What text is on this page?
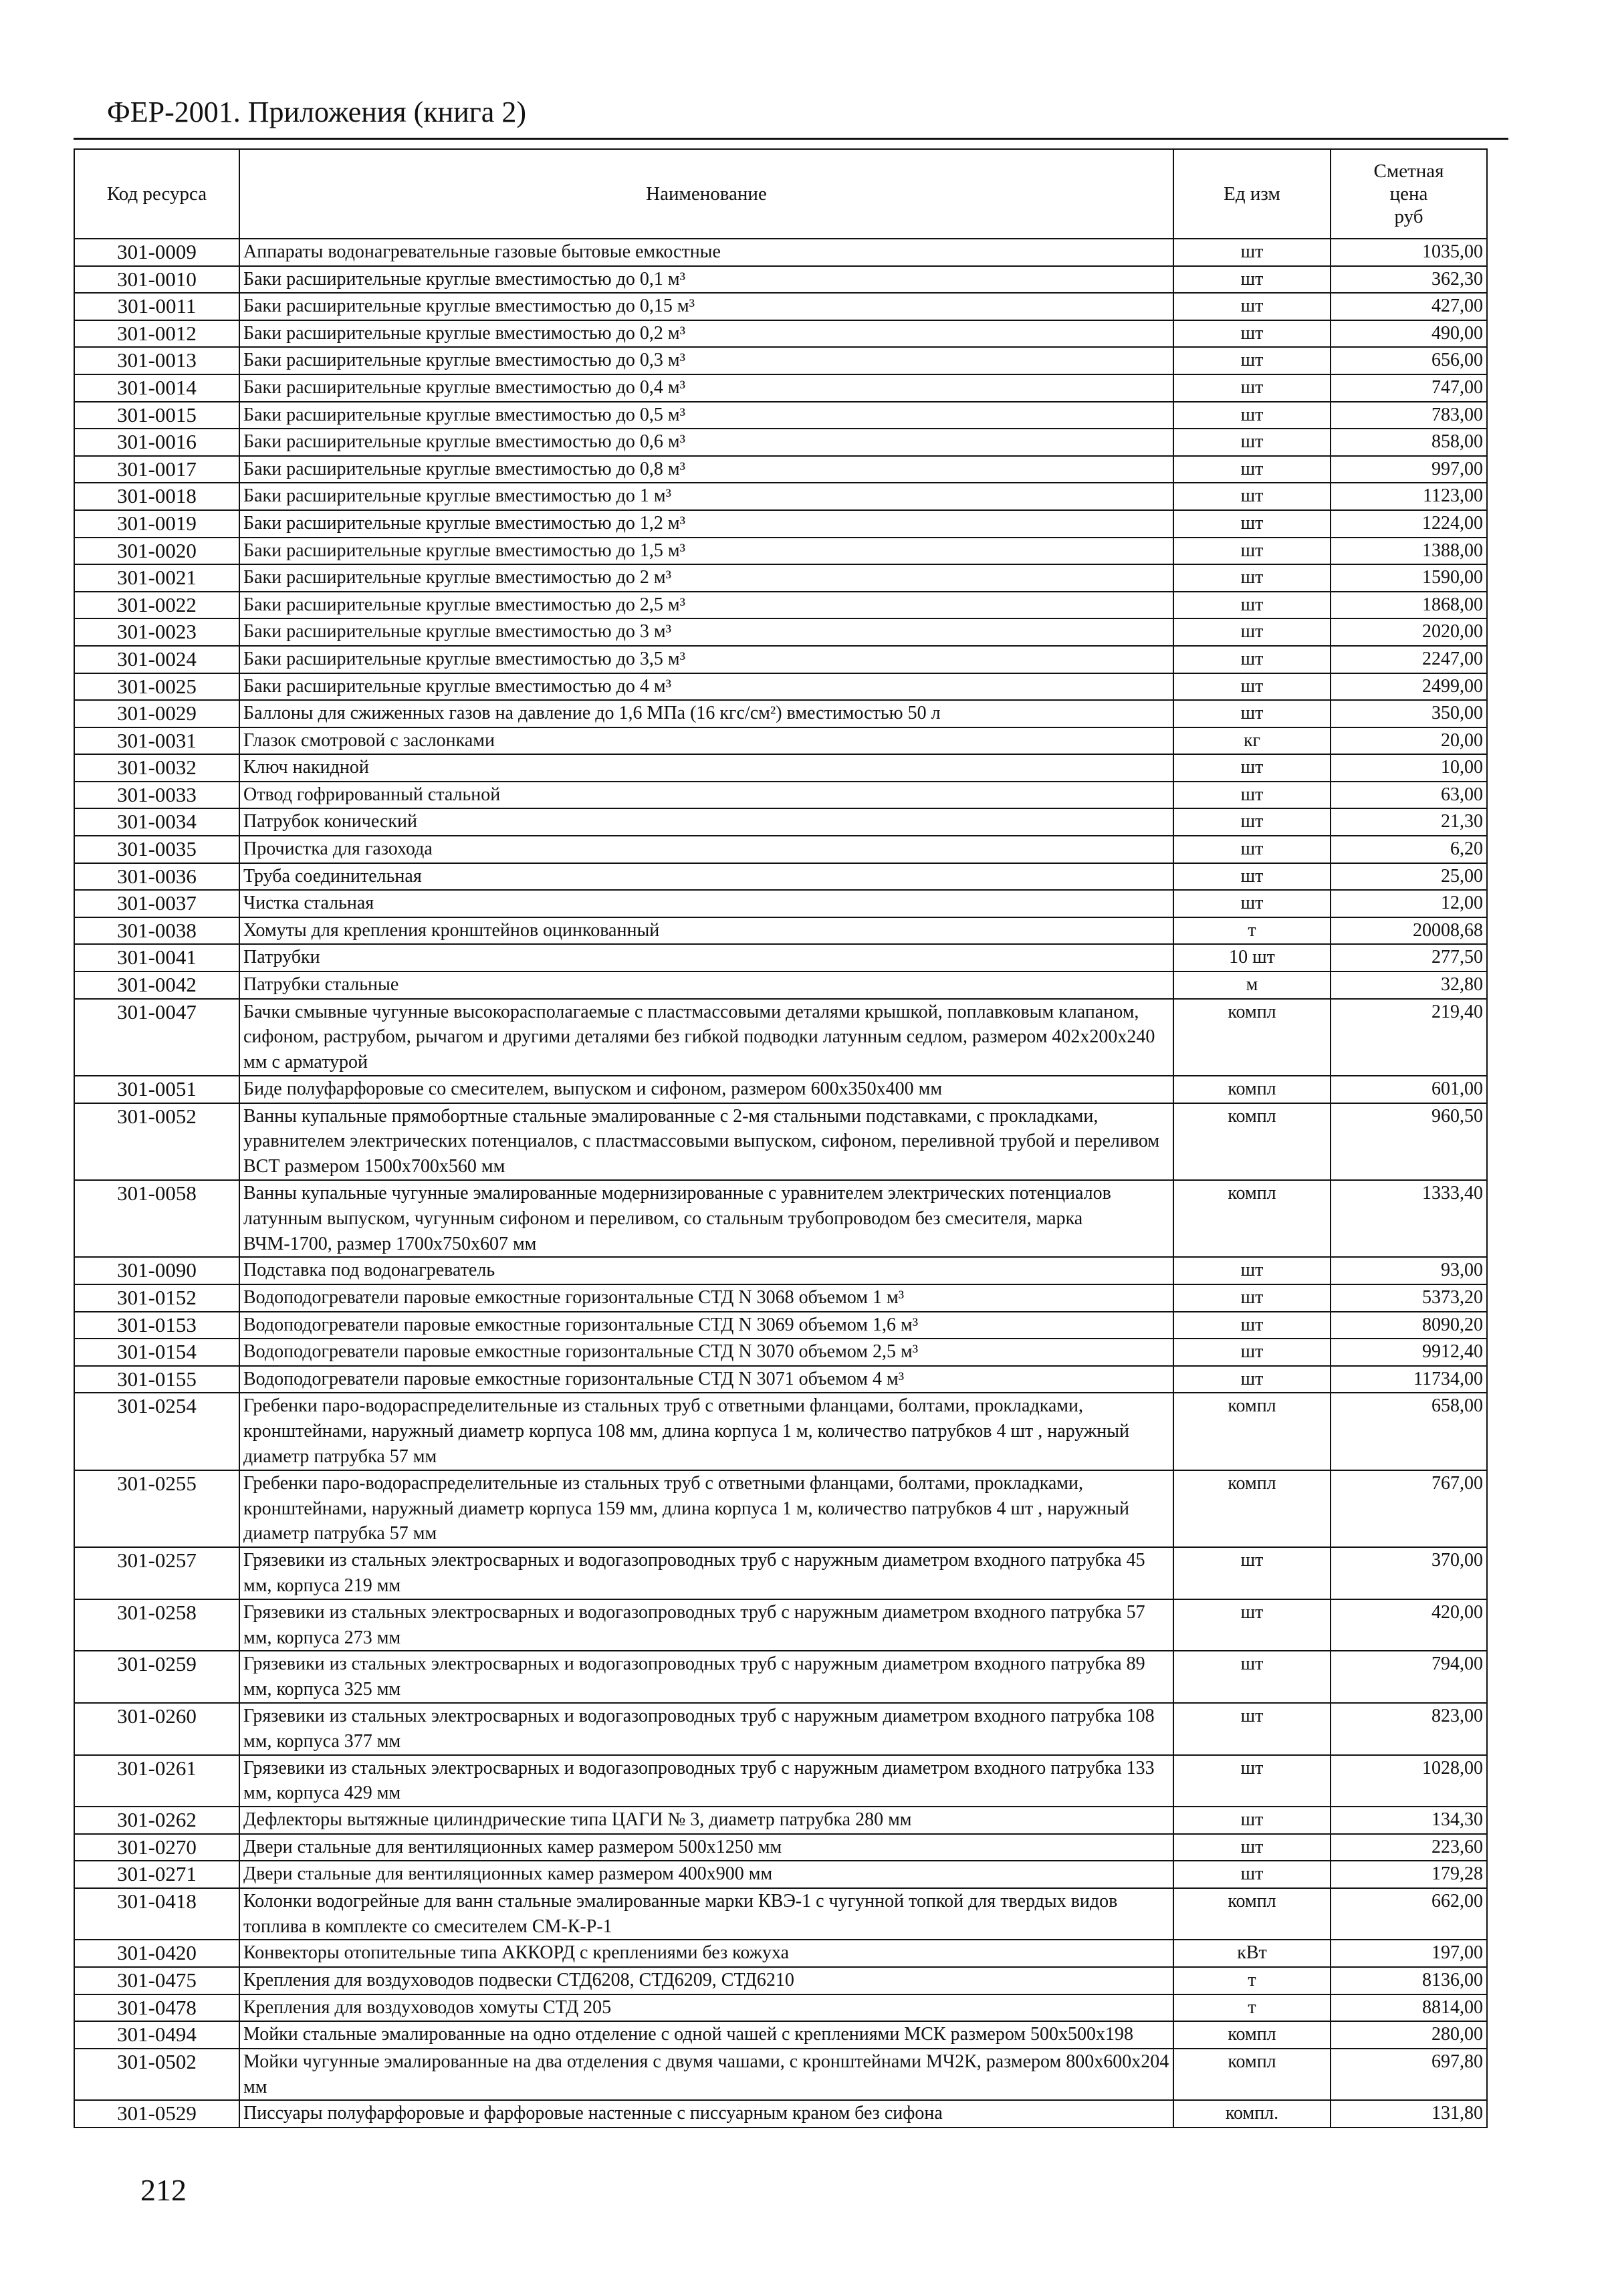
ФЕР-2001. Приложения (книга 2)
Код ресурса	Наименование	Ед изм	Сметная
цена
руб

301-0009	Аппараты водонагревательные газовые бытовые емкостные	шт	1035,00
301-0010	Баки расширительные круглые вместимостью до 0,1 м³	шт	362,30
301-0011	Баки расширительные круглые вместимостью до 0,15 м³	шт	427,00
301-0012	Баки расширительные круглые вместимостью до 0,2 м³	шт	490,00
301-0013	Баки расширительные круглые вместимостью до 0,3 м³	шт	656,00
301-0014	Баки расширительные круглые вместимостью до 0,4 м³	шт	747,00
301-0015	Баки расширительные круглые вместимостью до 0,5 м³	шт	783,00
301-0016	Баки расширительные круглые вместимостью до 0,6 м³	шт	858,00
301-0017	Баки расширительные круглые вместимостью до 0,8 м³	шт	997,00
301-0018	Баки расширительные круглые вместимостью до 1 м³	шт	1123,00
301-0019	Баки расширительные круглые вместимостью до 1,2 м³	шт	1224,00
301-0020	Баки расширительные круглые вместимостью до 1,5 м³	шт	1388,00
301-0021	Баки расширительные круглые вместимостью до 2 м³	шт	1590,00
301-0022	Баки расширительные круглые вместимостью до 2,5 м³	шт	1868,00
301-0023	Баки расширительные круглые вместимостью до 3 м³	шт	2020,00
301-0024	Баки расширительные круглые вместимостью до 3,5 м³	шт	2247,00
301-0025	Баки расширительные круглые вместимостью до 4 м³	шт	2499,00
301-0029	Баллоны для сжиженных газов на давление до 1,6 МПа (16 кгс/см²) вместимостью 50 л	шт	350,00
301-0031	Глазок смотровой с заслонками	кг	20,00
301-0032	Ключ накидной	шт	10,00
301-0033	Отвод гофрированный стальной	шт	63,00
301-0034	Патрубок конический	шт	21,30
301-0035	Прочистка для газохода	шт	6,20
301-0036	Труба соединительная	шт	25,00
301-0037	Чистка стальная	шт	12,00
301-0038	Хомуты для крепления кронштейнов оцинкованный	т	20008,68
301-0041	Патрубки	10 шт	277,50
301-0042	Патрубки стальные	м	32,80
301-0047	Бачки смывные чугунные высокорасполагаемые с пластмассовыми деталями крышкой, поплавковым клапаном, сифоном, раструбом, рычагом и другими деталями без гибкой подводки латунным седлом, размером 402х200х240 мм с арматурой	компл	219,40
301-0051	Биде полуфарфоровые со смесителем, выпуском и сифоном, размером 600х350х400 мм	компл	601,00
301-0052	Ванны купальные прямобортные стальные эмалированные с 2-мя стальными подставками, с прокладками, уравнителем электрических потенциалов, с пластмассовыми выпуском, сифоном, переливной трубой и переливом ВСТ размером 1500х700х560 мм	компл	960,50
301-0058	Ванны купальные чугунные эмалированные модернизированные с уравнителем электрических потенциалов латунным выпуском, чугунным сифоном и переливом, со стальным трубопроводом без смесителя, марка ВЧМ-1700, размер 1700х750х607 мм	компл	1333,40
301-0090	Подставка под водонагреватель	шт	93,00
301-0152	Водоподогреватели паровые емкостные горизонтальные СТД N 3068 объемом 1 м³	шт	5373,20
301-0153	Водоподогреватели паровые емкостные горизонтальные СТД N 3069 объемом 1,6 м³	шт	8090,20
301-0154	Водоподогреватели паровые емкостные горизонтальные СТД N 3070 объемом 2,5 м³	шт	9912,40
301-0155	Водоподогреватели паровые емкостные горизонтальные СТД N 3071 объемом 4 м³	шт	11734,00
301-0254	Гребенки паро-водораспределительные из стальных труб с ответными фланцами, болтами, прокладками, кронштейнами, наружный диаметр корпуса 108 мм, длина корпуса 1 м, количество патрубков 4 шт , наружный диаметр патрубка 57 мм	компл	658,00
301-0255	Гребенки паро-водораспределительные из стальных труб с ответными фланцами, болтами, прокладками, кронштейнами, наружный диаметр корпуса 159 мм, длина корпуса 1 м, количество патрубков 4 шт , наружный диаметр патрубка 57 мм	компл	767,00
301-0257	Грязевики из стальных электросварных и водогазопроводных труб с наружным диаметром входного патрубка 45 мм, корпуса 219 мм	шт	370,00
301-0258	Грязевики из стальных электросварных и водогазопроводных труб с наружным диаметром входного патрубка 57 мм, корпуса 273 мм	шт	420,00
301-0259	Грязевики из стальных электросварных и водогазопроводных труб с наружным диаметром входного патрубка 89 мм, корпуса 325 мм	шт	794,00
301-0260	Грязевики из стальных электросварных и водогазопроводных труб с наружным диаметром входного патрубка 108 мм, корпуса 377 мм	шт	823,00
301-0261	Грязевики из стальных электросварных и водогазопроводных труб с наружным диаметром входного патрубка 133 мм, корпуса 429 мм	шт	1028,00
301-0262	Дефлекторы вытяжные цилиндрические типа ЦАГИ № 3, диаметр патрубка 280 мм	шт	134,30
301-0270	Двери стальные для вентиляционных камер размером 500х1250 мм	шт	223,60
301-0271	Двери стальные для вентиляционных камер размером 400х900 мм	шт	179,28
301-0418	Колонки водогрейные для ванн стальные эмалированные марки КВЭ-1 с чугунной топкой для твердых видов топлива в комплекте со смесителем СМ-К-Р-1	компл	662,00
301-0420	Конвекторы отопительные типа АККОРД с креплениями без кожуха	кВт	197,00
301-0475	Крепления для воздуховодов подвески СТД6208, СТД6209, СТД6210	т	8136,00
301-0478	Крепления для воздуховодов хомуты СТД 205	т	8814,00
301-0494	Мойки стальные эмалированные на одно отделение с одной чашей с креплениями МСК размером 500х500х198	компл	280,00
301-0502	Мойки чугунные эмалированные на два отделения с двумя чашами, с кронштейнами МЧ2К, размером 800х600х204 мм	компл	697,80
301-0529	Писсуары полуфарфоровые и фарфоровые настенные с писсуарным краном без сифона	компл.	131,80
212
